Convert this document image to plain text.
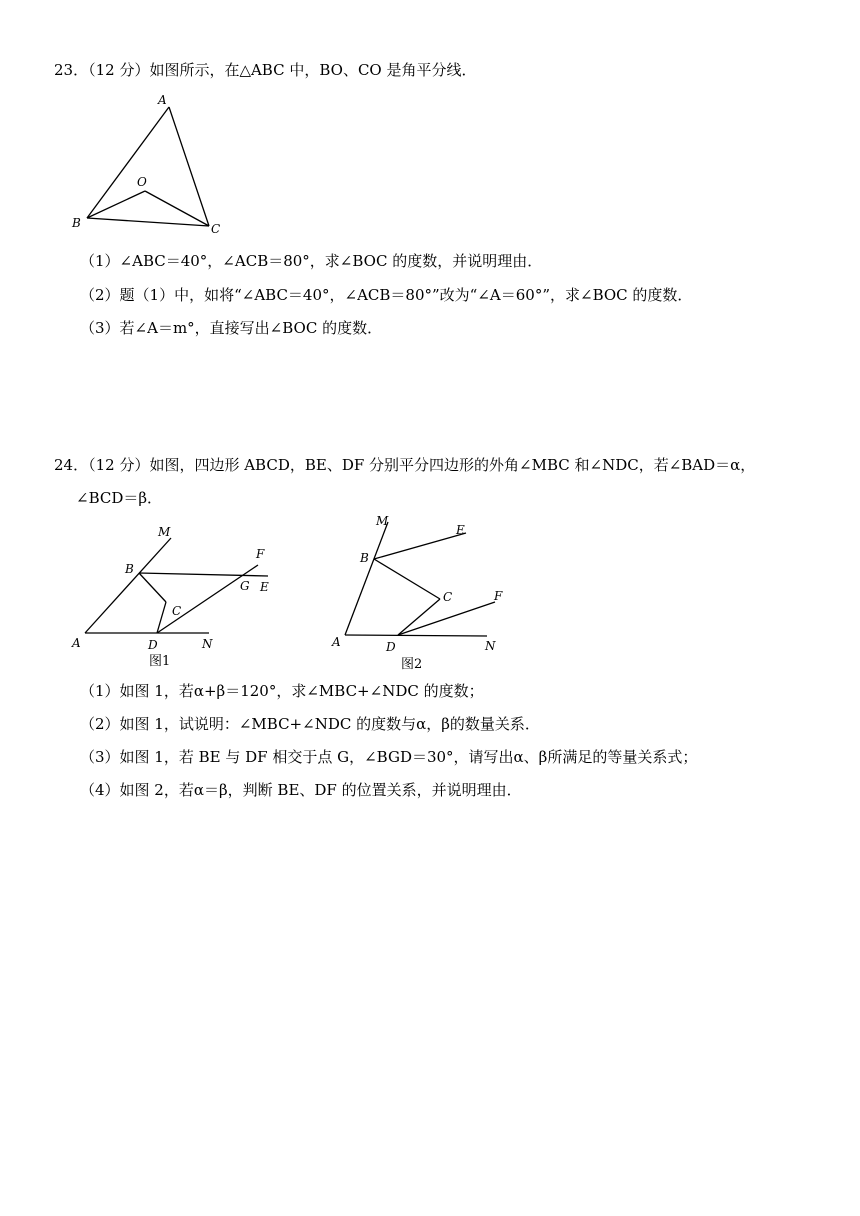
23．（12 分）如图所示，在△ABC 中，BO、CO 是角平分线．
A
O
B	C
（1）∠ABC＝40°，∠ACB＝80°，求∠BOC 的度数，并说明理由．
（2）题（1）中，如将“∠ABC＝40°，∠ACB＝80°”改为“∠A＝60°”，求∠BOC 的度数．
（3）若∠A＝m°，直接写出∠BOC 的度数．
24．（12 分）如图，四边形 ABCD，BE、DF 分别平分四边形的外角∠MBC 和∠NDC，若∠BAD＝α，
∠BCD＝β．
M
B
F
G E
C
A	D	N
图1
M
E
B
C	F
A	D	N
图2
（1）如图 1，若α+β＝120°，求∠MBC+∠NDC 的度数；
（2）如图 1，试说明：∠MBC+∠NDC 的度数与α，β的数量关系．
（3）如图 1，若 BE 与 DF 相交于点 G，∠BGD＝30°，请写出α、β所满足的等量关系式；
（4）如图 2，若α＝β，判断 BE、DF 的位置关系，并说明理由．
